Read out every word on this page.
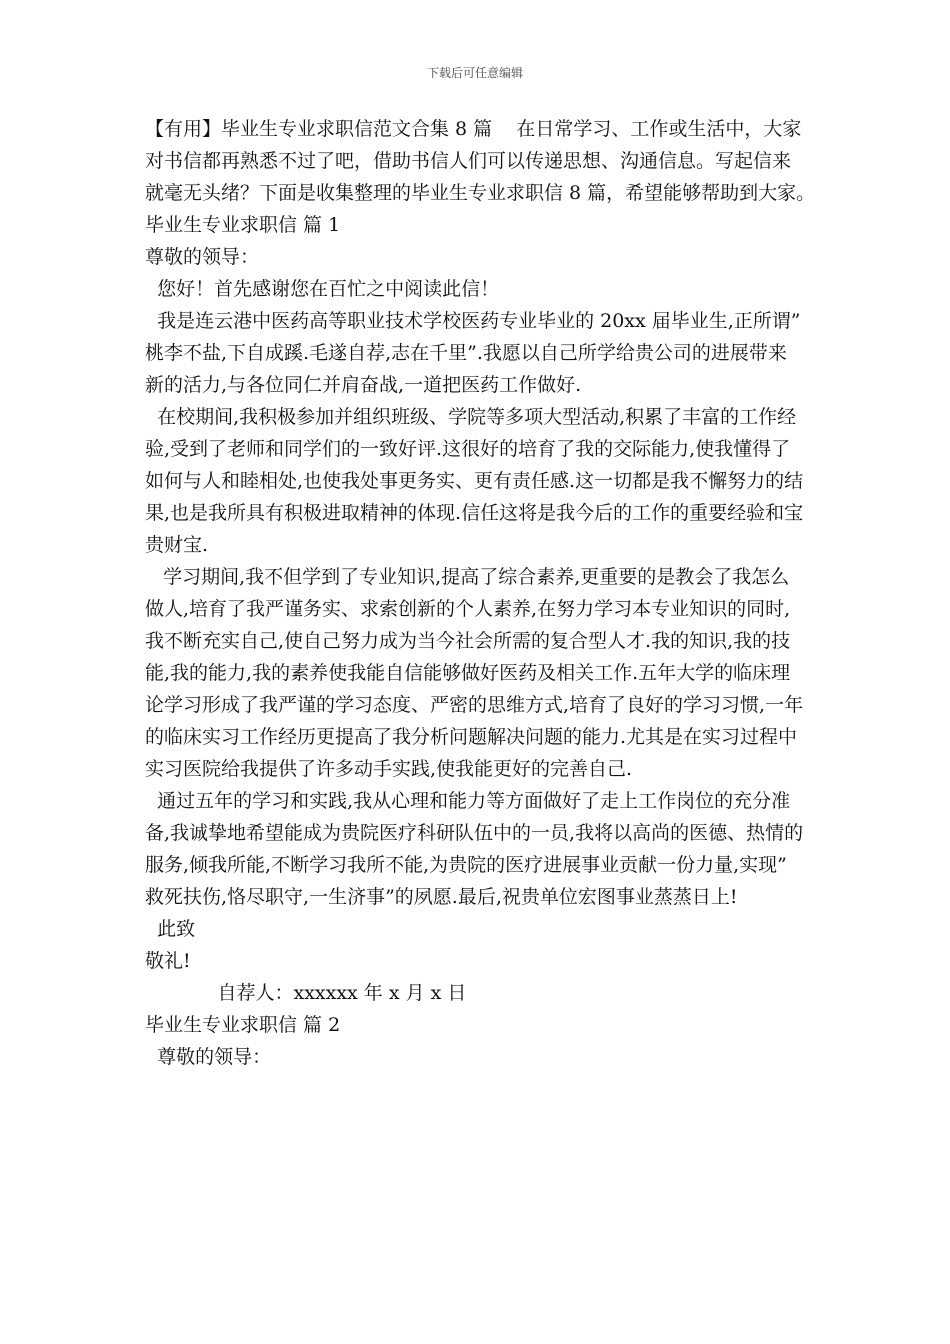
下载后可任意编辑
【有用】毕业生专业求职信范文合集 8 篇    在日常学习、工作或生活中，大家
对书信都再熟悉不过了吧，借助书信人们可以传递思想、沟通信息。写起信来
就毫无头绪？下面是收集整理的毕业生专业求职信 8 篇，希望能够帮助到大家。
毕业生专业求职信 篇 1
尊敬的领导：
您好！首先感谢您在百忙之中阅读此信！
我是连云港中医药高等职业技术学校医药专业毕业的 20xx 届毕业生,正所谓”
桃李不盐,下自成蹊.毛遂自荐,志在千里”.我愿以自己所学给贵公司的进展带来
新的活力,与各位同仁并肩奋战,一道把医药工作做好.
在校期间,我积极参加并组织班级、学院等多项大型活动,积累了丰富的工作经
验,受到了老师和同学们的一致好评.这很好的培育了我的交际能力,使我懂得了
如何与人和睦相处,也使我处事更务实、更有责任感.这一切都是我不懈努力的结
果,也是我所具有积极进取精神的体现.信任这将是我今后的工作的重要经验和宝
贵财宝.
学习期间,我不但学到了专业知识,提高了综合素养,更重要的是教会了我怎么
做人,培育了我严谨务实、求索创新的个人素养,在努力学习本专业知识的同时,
我不断充实自己,使自己努力成为当今社会所需的复合型人才.我的知识,我的技
能,我的能力,我的素养使我能自信能够做好医药及相关工作.五年大学的临床理
论学习形成了我严谨的学习态度、严密的思维方式,培育了良好的学习习惯,一年
的临床实习工作经历更提高了我分析问题解决问题的能力.尤其是在实习过程中
实习医院给我提供了许多动手实践,使我能更好的完善自己.
通过五年的学习和实践,我从心理和能力等方面做好了走上工作岗位的充分准
备,我诚挚地希望能成为贵院医疗科研队伍中的一员,我将以高尚的医德、热情的
服务,倾我所能,不断学习我所不能,为贵院的医疗进展事业贡献一份力量,实现”
救死扶伤,恪尽职守,一生济事”的夙愿.最后,祝贵单位宏图事业蒸蒸日上!
此致
敬礼!
自荐人：xxxxxx 年 x 月 x 日
毕业生专业求职信 篇 2
尊敬的领导：
